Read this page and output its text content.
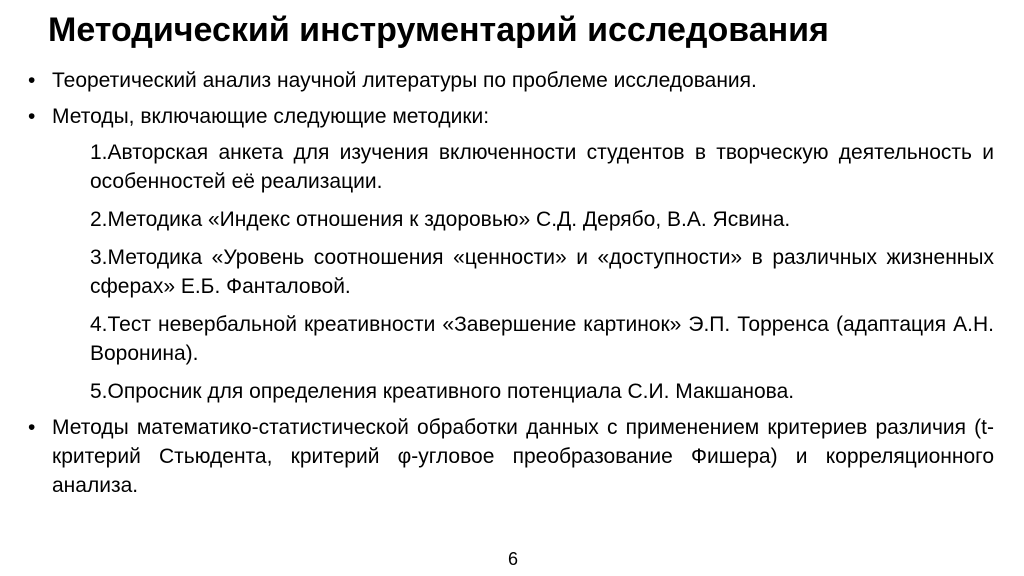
Методический инструментарий исследования
• Теоретический анализ научной литературы по проблеме исследования.
• Методы, включающие следующие методики:
1.Авторская анкета для изучения включенности студентов в творческую деятельность и особенностей её реализации.
2.Методика «Индекс отношения к здоровью» С.Д. Дерябо, В.А. Ясвина.
3.Методика «Уровень соотношения «ценности» и «доступности» в различных жизненных сферах» Е.Б. Фанталовой.
4.Тест невербальной креативности «Завершение картинок» Э.П. Торренса (адаптация А.Н. Воронина).
5.Опросник для определения креативного потенциала С.И. Макшанова.
• Методы математико-статистической обработки данных с применением критериев различия (t-критерий Стьюдента, критерий φ-угловое преобразование Фишера) и корреляционного анализа.
6
